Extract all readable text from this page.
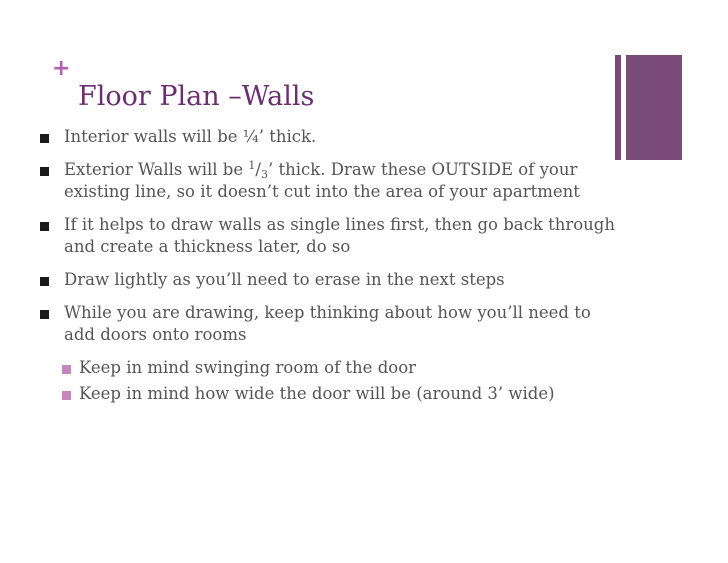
+
Floor Plan –Walls
Interior walls will be ¼’ thick.
Exterior Walls will be $^1/_3$’ thick. Draw these OUTSIDE of your existing line, so it doesn’t cut into the area of your apartment
If it helps to draw walls as single lines first, then go back through and create a thickness later, do so
Draw lightly as you’ll need to erase in the next steps
While you are drawing, keep thinking about how you’ll need to add doors onto rooms
Keep in mind swinging room of the door
Keep in mind how wide the door will be (around 3’ wide)
